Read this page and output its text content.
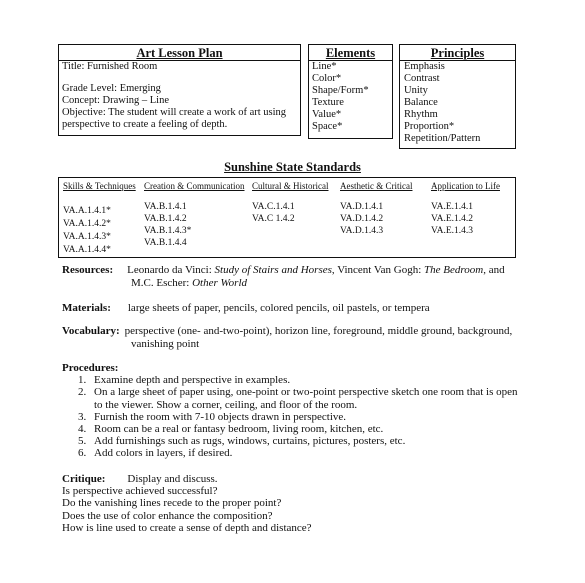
Art Lesson Plan
Title: Furnished Room
Grade Level: Emerging
Concept: Drawing – Line
Objective: The student will create a work of art using
perspective to create a feeling of depth.
Elements
Line*
Color*
Shape/Form*
Texture
Value*
Space*
Principles
Emphasis
Contrast
Unity
Balance
Rhythm
Proportion*
Repetition/Pattern
Sunshine State Standards
Skills & Techniques
VA.A.1.4.1*
VA.A.1.4.2*
VA.A.1.4.3*
VA.A.1.4.4*
Creation & Communication
VA.B.1.4.1
VA.B.1.4.2
VA.B.1.4.3*
VA.B.1.4.4
Cultural & Historical
VA.C.1.4.1
VA.C 1.4.2
Aesthetic & Critical
VA.D.1.4.1
VA.D.1.4.2
VA.D.1.4.3
Application to Life
VA.E.1.4.1
VA.E.1.4.2
VA.E.1.4.3
Resources: Leonardo da Vinci: Study of Stairs and Horses, Vincent Van Gogh: The Bedroom, and
M.C. Escher: Other World
Materials: large sheets of paper, pencils, colored pencils, oil pastels, or tempera
Vocabulary: perspective (one- and-two-point), horizon line, foreground, middle ground, background,
vanishing point
Procedures:
1. Examine depth and perspective in examples.
2. On a large sheet of paper using, one-point or two-point perspective sketch one room that is open
to the viewer. Show a corner, ceiling, and floor of the room.
3. Furnish the room with 7-10 objects drawn in perspective.
4. Room can be a real or fantasy bedroom, living room, kitchen, etc.
5. Add furnishings such as rugs, windows, curtains, pictures, posters, etc.
6. Add colors in layers, if desired.
Critique: Display and discuss.
Is perspective achieved successful?
Do the vanishing lines recede to the proper point?
Does the use of color enhance the composition?
How is line used to create a sense of depth and distance?
